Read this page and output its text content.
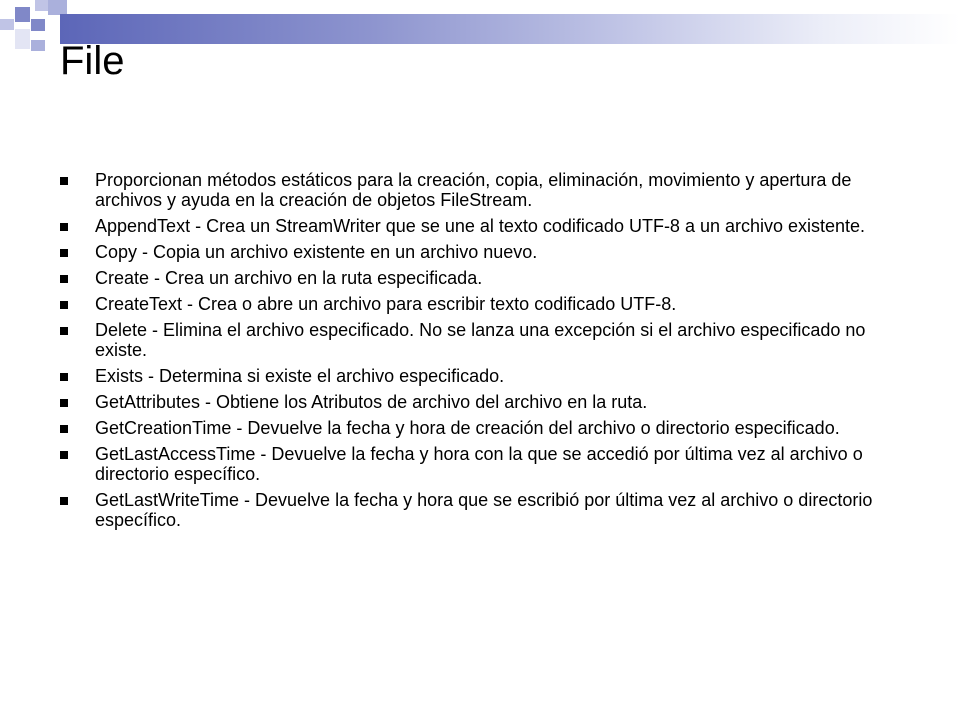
File
Proporcionan métodos estáticos para la creación, copia, eliminación, movimiento y apertura de archivos y ayuda en la creación de objetos FileStream.
AppendText - Crea un StreamWriter que se une al texto codificado UTF-8 a un archivo existente.
Copy - Copia un archivo existente en un archivo nuevo.
Create - Crea un archivo en la ruta especificada.
CreateText - Crea o abre un archivo para escribir texto codificado UTF-8.
Delete - Elimina el archivo especificado. No se lanza una excepción si el archivo especificado no existe.
Exists - Determina si existe el archivo especificado.
GetAttributes - Obtiene los Atributos de archivo del archivo en la ruta.
GetCreationTime - Devuelve la fecha y hora de creación del archivo o directorio especificado.
GetLastAccessTime - Devuelve la fecha y hora con la que se accedió por última vez al archivo o directorio específico.
GetLastWriteTime - Devuelve la fecha y hora que se escribió por última vez al archivo o directorio específico.
